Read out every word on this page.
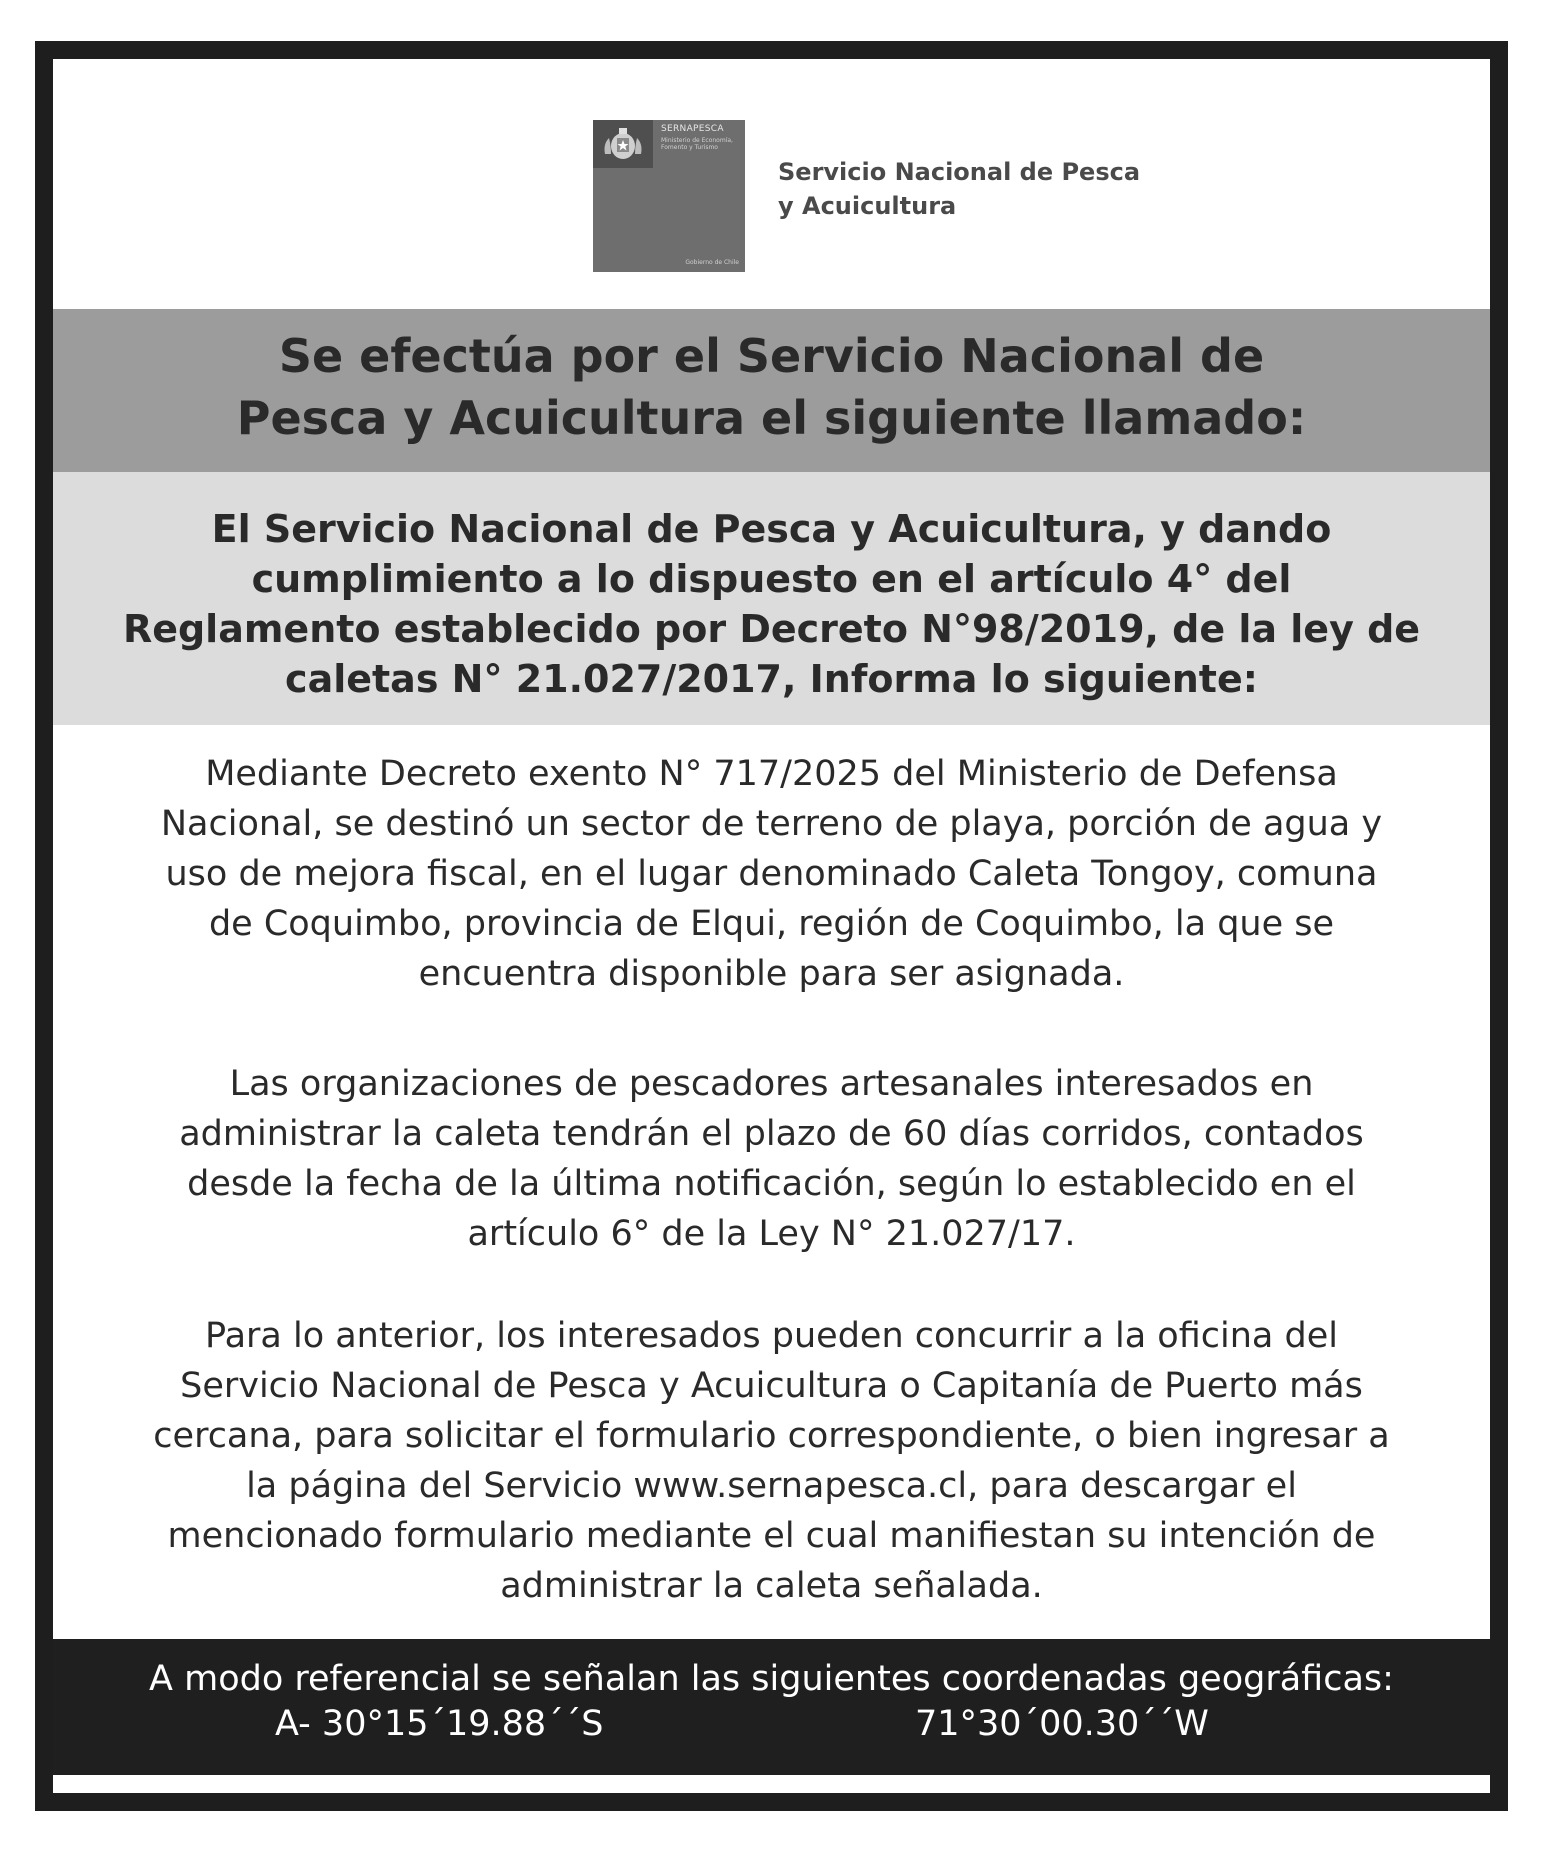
SERNAPESCA
Ministerio de Economía, Fomento y Turismo
Gobierno de Chile
Servicio Nacional de Pesca
y Acuicultura
Se efectúa por el Servicio Nacional de
Pesca y Acuicultura el siguiente llamado:
El Servicio Nacional de Pesca y Acuicultura, y dando
cumplimiento a lo dispuesto en el artículo 4° del
Reglamento establecido por Decreto N°98/2019, de la ley de
caletas N° 21.027/2017, Informa lo siguiente:
Mediante Decreto exento N° 717/2025 del Ministerio de Defensa
Nacional, se destinó un sector de terreno de playa, porción de agua y
uso de mejora fiscal, en el lugar denominado Caleta Tongoy, comuna
de Coquimbo, provincia de Elqui, región de Coquimbo, la que se
encuentra disponible para ser asignada.
Las organizaciones de pescadores artesanales interesados en
administrar la caleta tendrán el plazo de 60 días corridos, contados
desde la fecha de la última notificación, según lo establecido en el
artículo 6° de la Ley N° 21.027/17.
Para lo anterior, los interesados pueden concurrir a la oficina del
Servicio Nacional de Pesca y Acuicultura o Capitanía de Puerto más
cercana, para solicitar el formulario correspondiente, o bien ingresar a
la página del Servicio www.sernapesca.cl, para descargar el
mencionado formulario mediante el cual manifiestan su intención de
administrar la caleta señalada.
A modo referencial se señalan las siguientes coordenadas geográficas:
A- 30°15´19.88´´S	71°30´00.30´´W
